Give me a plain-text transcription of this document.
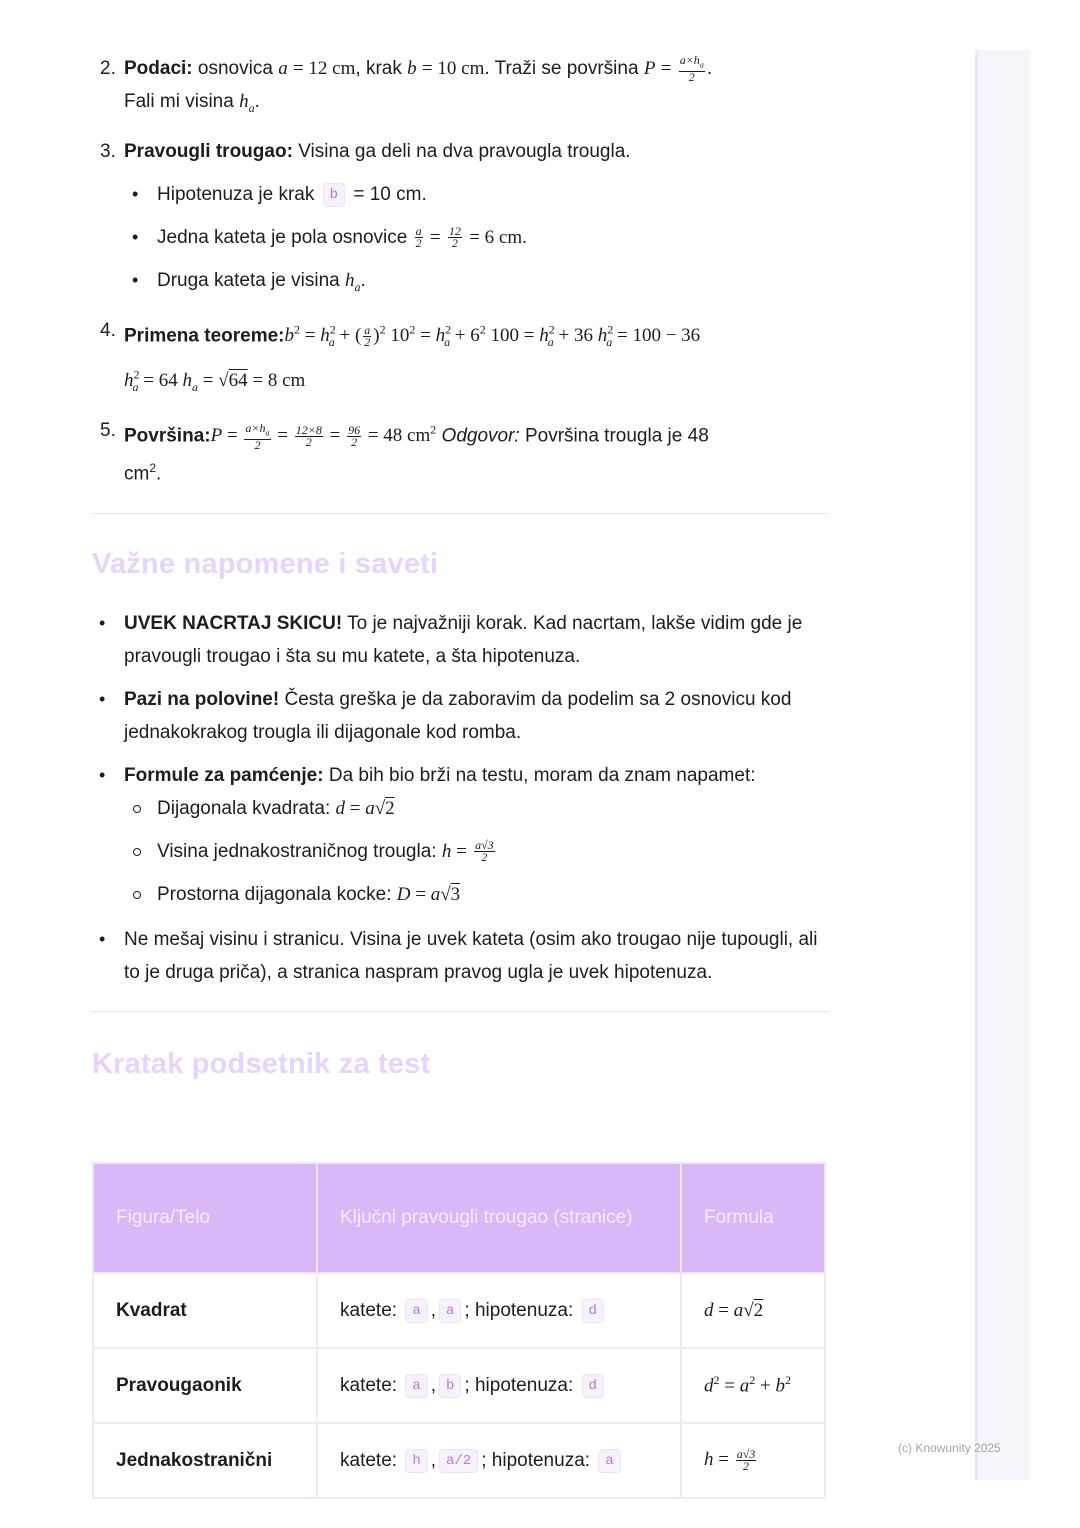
2. Podaci: osnovica a = 12 cm, krak b = 10 cm. Traži se površina $P = \frac{a\times h_a}{2}$ .
Fali mi visina $h_a$.
3. Pravougli trougao: Visina ga deli na dva pravougla trougla.
• Hipotenuza je krak b = 10 cm.
• Jedna kateta je pola osnovice $\frac{a}{2} = \frac{12}{2} = 6$ cm.
• Druga kateta je visina $h_a$.
4. Primena $teoreme:b^2 = h^2_a$ + ( $\frac{a}{2} )^2$ $10^2 = h^2_a + 6^2$ $100 = h^2_a + 36$ $h^2_a = 100 - 36$
$h^2_a = 64$ $h_a = √64 = 8$ cm
5. Površina:P = $\frac{a\times h_a}{2} = \frac{12\times 8}{2} = \frac{96}{2} = 48$ $cm^2$ Odgovor: Površina trougla je 48
$cm^2$.
Važne napomene i saveti
• UVEK NACRTAJ SKICU! To je najvažniji korak. Kad nacrtam, lakše vidim gde je pravougli trougao i šta su mu katete, a šta hipotenuza.
• Pazi na polovine! Česta greška je da zaboravim da podelim sa 2 osnovicu kod jednakokrakog trougla ili dijagonale kod romba.
• Formule za pamćenje: Da bih bio brži na testu, moram da znam napamet:
Dijagonala kvadrata: d = a√2
Visina jednakostraničnog trougla: $h = \frac{a√3}{2}$
Prostorna dijagonala kocke: D = a√3
• Ne mešaj visinu i stranicu. Visina je uvek kateta (osim ako trougao nije tupougli, ali to je druga priča), a stranica naspram pravog ugla je uvek hipotenuza.
Kratak podsetnik za test
Figura/Telo	Ključni pravougli trougao (stranice)	Formula
Kvadrat	katete: a , a ; hipotenuza: d	d = a√2
Pravougaonik	katete: a , b ; hipotenuza: d	$d^2 = a^2 + b^2$
Jednakostranični	katete: h , a/2 ; hipotenuza: a	$h = \frac{a√3}{2}$
(c) Knowunity 2025
